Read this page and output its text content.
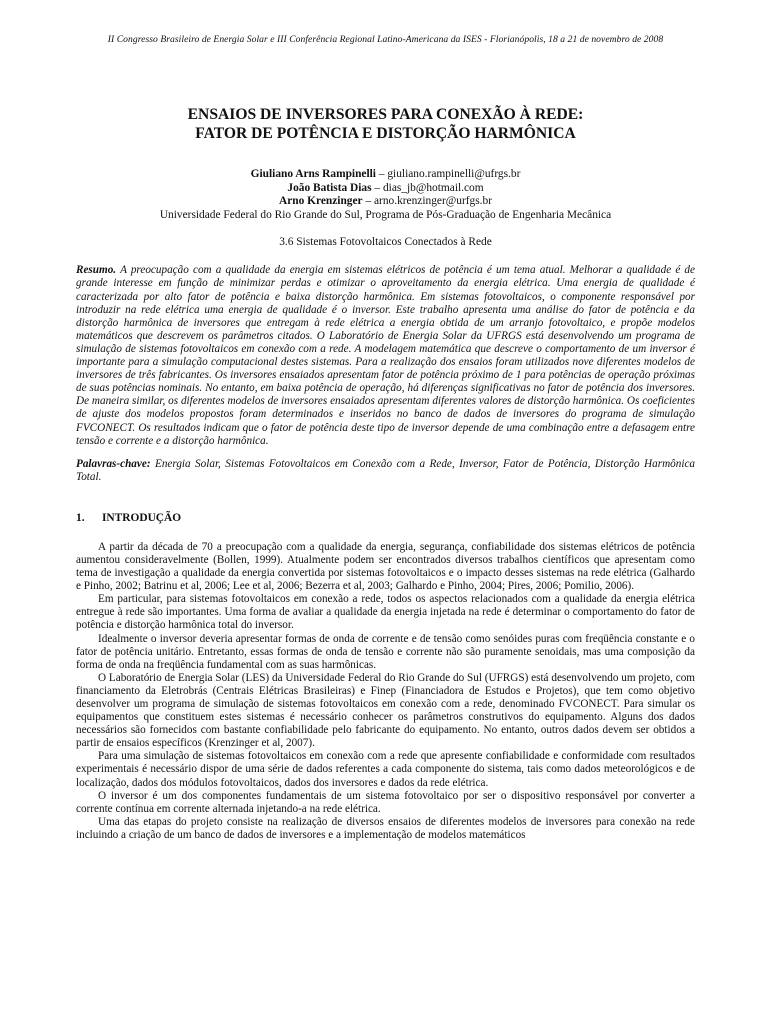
II Congresso Brasileiro de Energia Solar e III Conferência Regional Latino-Americana da ISES - Florianópolis, 18 a 21 de novembro de 2008
ENSAIOS DE INVERSORES PARA CONEXÃO À REDE:
FATOR DE POTÊNCIA E DISTORÇÃO HARMÔNICA
Giuliano Arns Rampinelli – giuliano.rampinelli@ufrgs.br
João Batista Dias – dias_jb@hotmail.com
Arno Krenzinger – arno.krenzinger@urfgs.br
Universidade Federal do Rio Grande do Sul, Programa de Pós-Graduação de Engenharia Mecânica
3.6 Sistemas Fotovoltaicos Conectados à Rede
Resumo. A preocupação com a qualidade da energia em sistemas elétricos de potência é um tema atual. Melhorar a qualidade é de grande interesse em função de minimizar perdas e otimizar o aproveitamento da energia elétrica. Uma energia de qualidade é caracterizada por alto fator de potência e baixa distorção harmônica. Em sistemas fotovoltaicos, o componente responsável por introduzir na rede elétrica uma energia de qualidade é o inversor. Este trabalho apresenta uma análise do fator de potência e da distorção harmônica de inversores que entregam à rede elétrica a energia obtida de um arranjo fotovoltaico, e propõe modelos matemáticos que descrevem os parâmetros citados. O Laboratório de Energia Solar da UFRGS está desenvolvendo um programa de simulação de sistemas fotovoltaicos em conexão com a rede. A modelagem matemática que descreve o comportamento de um inversor é importante para a simulação computacional destes sistemas. Para a realização dos ensaios foram utilizados nove diferentes modelos de inversores de três fabricantes. Os inversores ensaiados apresentam fator de potência próximo de 1 para potências de operação próximas de suas potências nominais. No entanto, em baixa potência de operação, há diferenças significativas no fator de potência dos inversores. De maneira similar, os diferentes modelos de inversores ensaiados apresentam diferentes valores de distorção harmônica. Os coeficientes de ajuste dos modelos propostos foram determinados e inseridos no banco de dados de inversores do programa de simulação FVCONECT. Os resultados indicam que o fator de potência deste tipo de inversor depende de uma combinação entre a defasagem entre tensão e corrente e a distorção harmônica.
Palavras-chave: Energia Solar, Sistemas Fotovoltaicos em Conexão com a Rede, Inversor, Fator de Potência, Distorção Harmônica Total.
1.	INTRODUÇÃO

A partir da década de 70 a preocupação com a qualidade da energia, segurança, confiabilidade dos sistemas elétricos de potência aumentou consideravelmente (Bollen, 1999). Atualmente podem ser encontrados diversos trabalhos científicos que apresentam como tema de investigação a qualidade da energia convertida por sistemas fotovoltaicos e o impacto desses sistemas na rede elétrica (Galhardo e Pinho, 2002; Batrinu et al, 2006; Lee et al, 2006; Bezerra et al, 2003; Galhardo e Pinho, 2004; Pires, 2006; Pomilio, 2006).

Em particular, para sistemas fotovoltaicos em conexão a rede, todos os aspectos relacionados com a qualidade da energia elétrica entregue à rede são importantes. Uma forma de avaliar a qualidade da energia injetada na rede é determinar o comportamento do fator de potência e distorção harmônica total do inversor.

Idealmente o inversor deveria apresentar formas de onda de corrente e de tensão como senóides puras com freqüência constante e o fator de potência unitário. Entretanto, essas formas de onda de tensão e corrente não são puramente senoidais, mas uma composição da forma de onda na freqüência fundamental com as suas harmônicas.

O Laboratório de Energia Solar (LES) da Universidade Federal do Rio Grande do Sul (UFRGS) está desenvolvendo um projeto, com financiamento da Eletrobrás (Centrais Elétricas Brasileiras) e Finep (Financiadora de Estudos e Projetos), que tem como objetivo desenvolver um programa de simulação de sistemas fotovoltaicos em conexão com a rede, denominado FVCONECT. Para simular os equipamentos que constituem estes sistemas é necessário conhecer os parâmetros construtivos do equipamento. Alguns dos dados necessários são fornecidos com bastante confiabilidade pelo fabricante do equipamento. No entanto, outros dados devem ser obtidos a partir de ensaios específicos (Krenzinger et al, 2007).

Para uma simulação de sistemas fotovoltaicos em conexão com a rede que apresente confiabilidade e conformidade com resultados experimentais é necessário dispor de uma série de dados referentes a cada componente do sistema, tais como dados meteorológicos e de localização, dados dos módulos fotovoltaicos, dados dos inversores e dados da rede elétrica.

O inversor é um dos componentes fundamentais de um sistema fotovoltaico por ser o dispositivo responsável por converter a corrente contínua em corrente alternada injetando-a na rede elétrica.

Uma das etapas do projeto consiste na realização de diversos ensaios de diferentes modelos de inversores para conexão na rede incluindo a criação de um banco de dados de inversores e a implementação de modelos matemáticos
